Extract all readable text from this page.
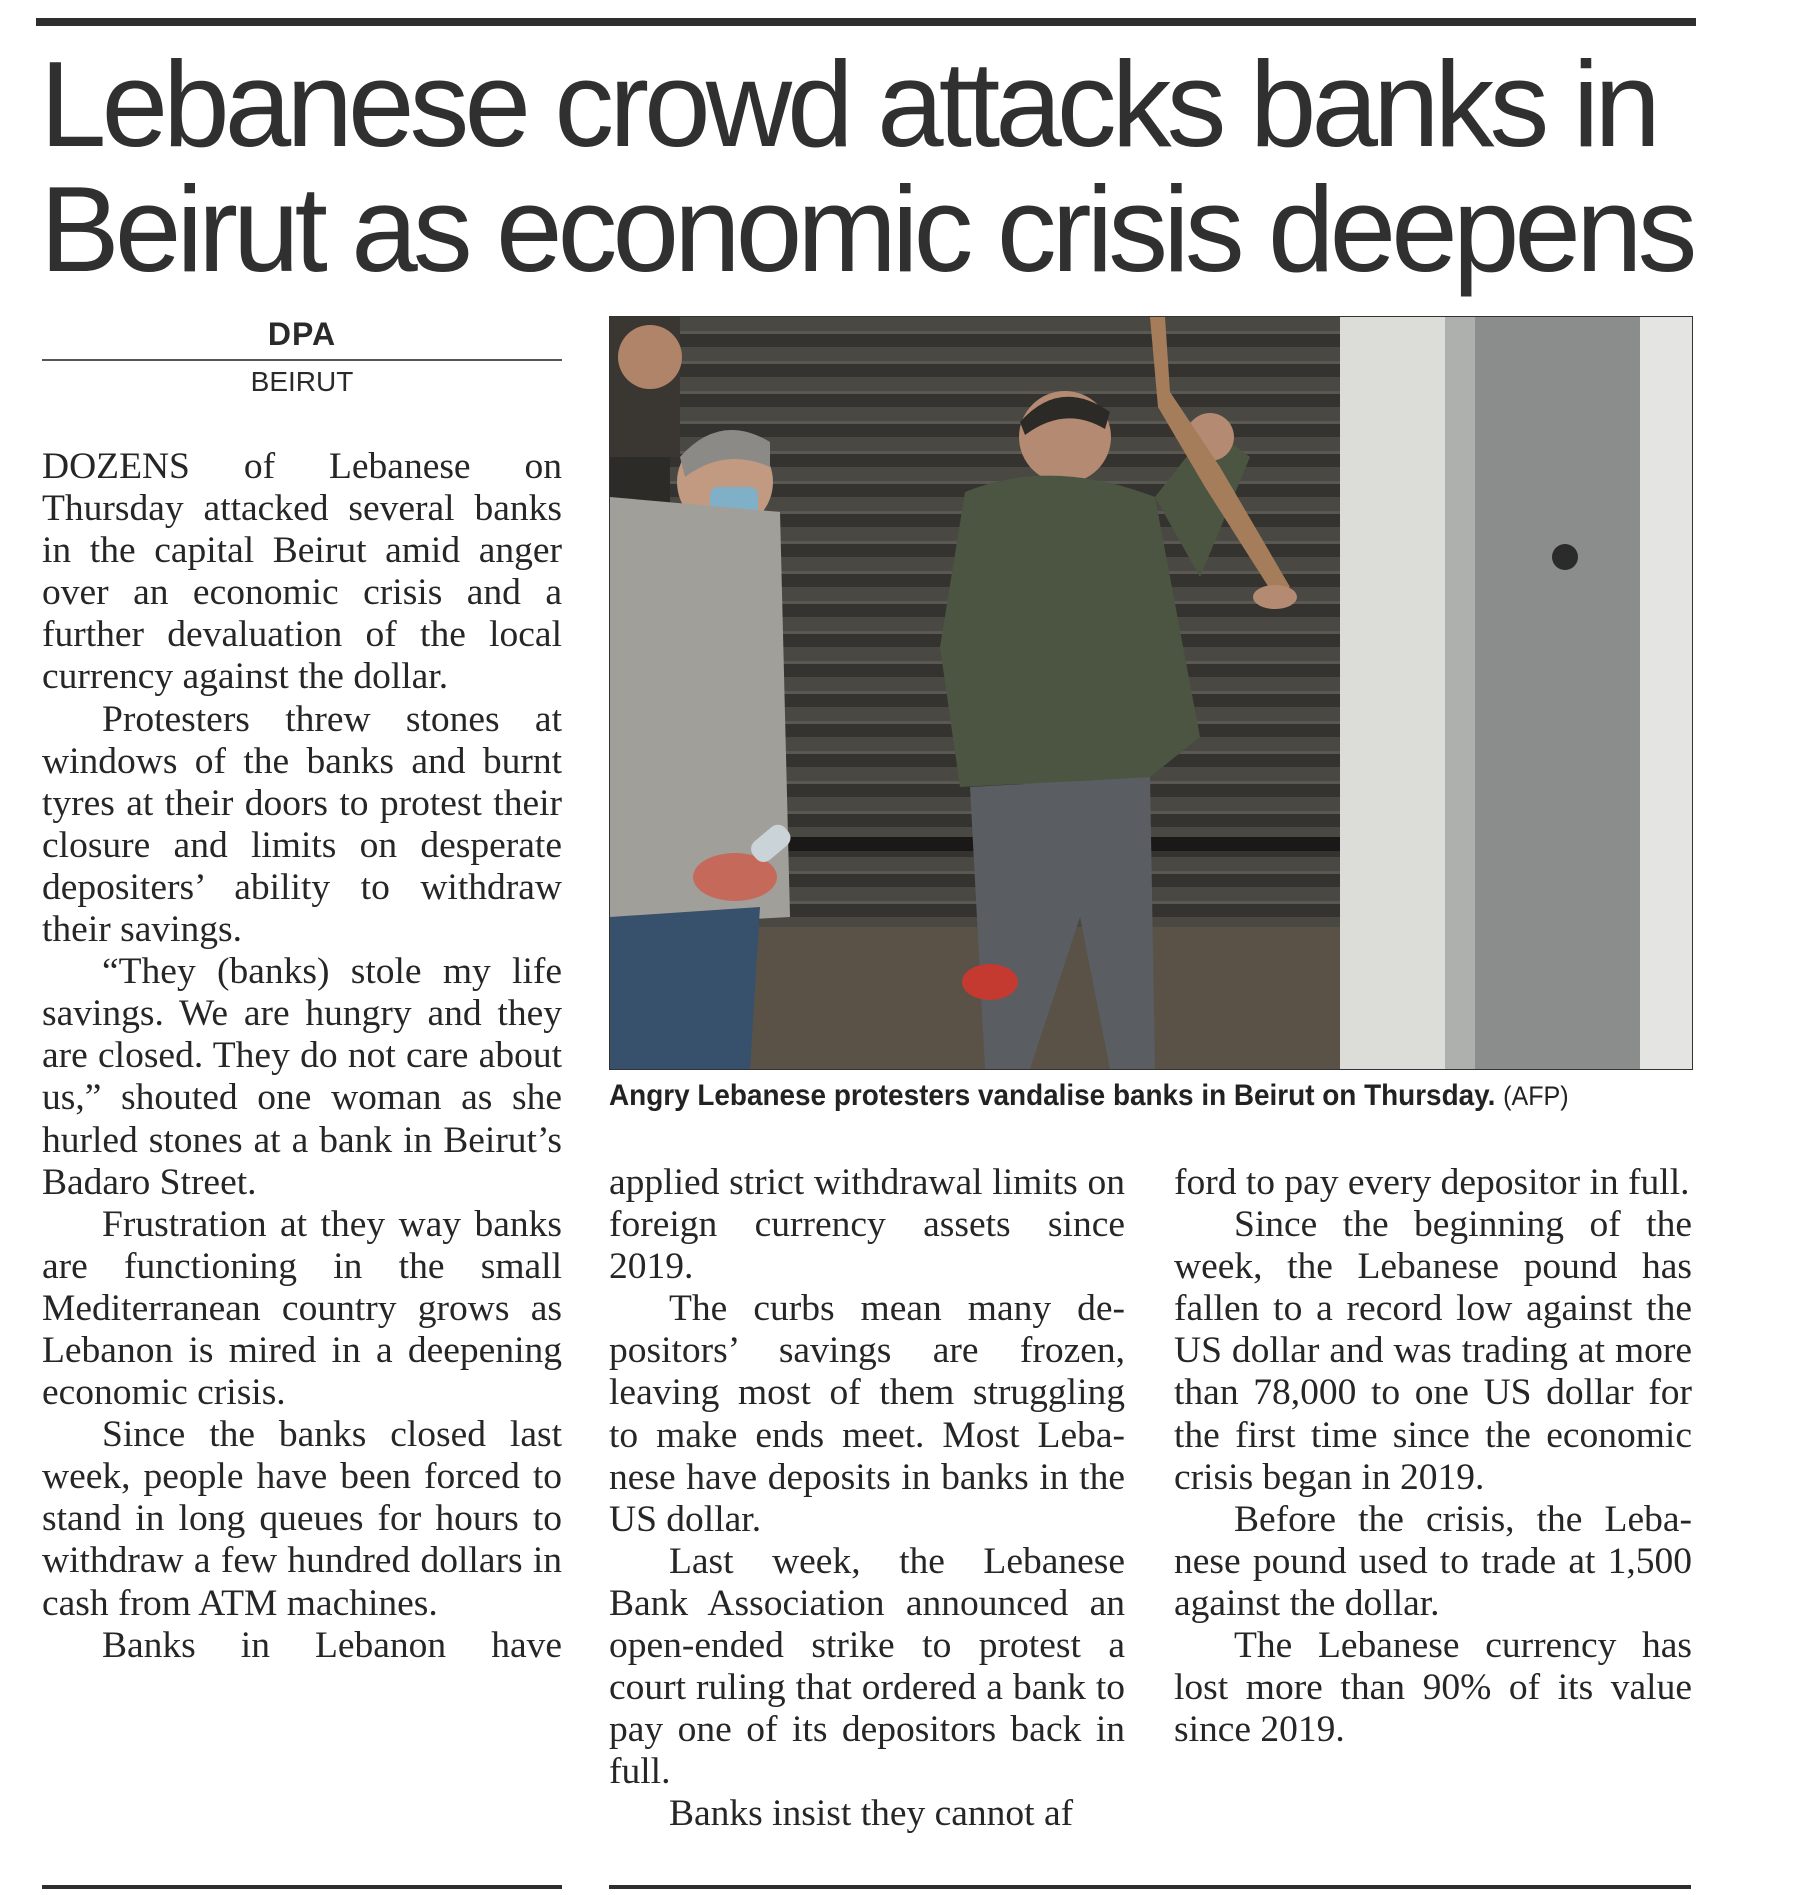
Lebanese crowd attacks banks in
Beirut as economic crisis deepens
DPA
BEIRUT

DOZENS of Lebanese on Thursday attacked several banks in the capital Beirut amid anger over an economic crisis and a further devaluation of the local currency against the dollar.

Protesters threw stones at windows of the banks and burnt tyres at their doors to protest their closure and limits on desperate depositers’ ability to withdraw their savings.

“They (banks) stole my life savings. We are hungry and they are closed. They do not care about us,” shouted one woman as she hurled stones at a bank in Beirut’s Badaro Street.

Frustration at they way banks are functioning in the small Mediterranean country grows as Lebanon is mired in a deepening economic crisis.

Since the banks closed last week, people have been forced to stand in long queues for hours to withdraw a few hundred dollars in cash from ATM machines.

Banks in Lebanon have

Angry Lebanese protesters vandalise banks in Beirut on Thursday. (AFP)

applied strict withdrawal limits on foreign currency assets since 2019.

The curbs mean many depositors’ savings are frozen, leaving most of them struggling to make ends meet. Most Lebanese have deposits in banks in the US dollar.

Last week, the Lebanese Bank Association announced an open-ended strike to protest a court ruling that ordered a bank to pay one of its depositors back in full.

Banks insist they cannot af

ford to pay every depositor in full.

Since the beginning of the week, the Lebanese pound has fallen to a record low against the US dollar and was trading at more than 78,000 to one US dollar for the first time since the economic crisis began in 2019.

Before the crisis, the Lebanese pound used to trade at 1,500 against the dollar.

The Lebanese currency has lost more than 90% of its value since 2019.
